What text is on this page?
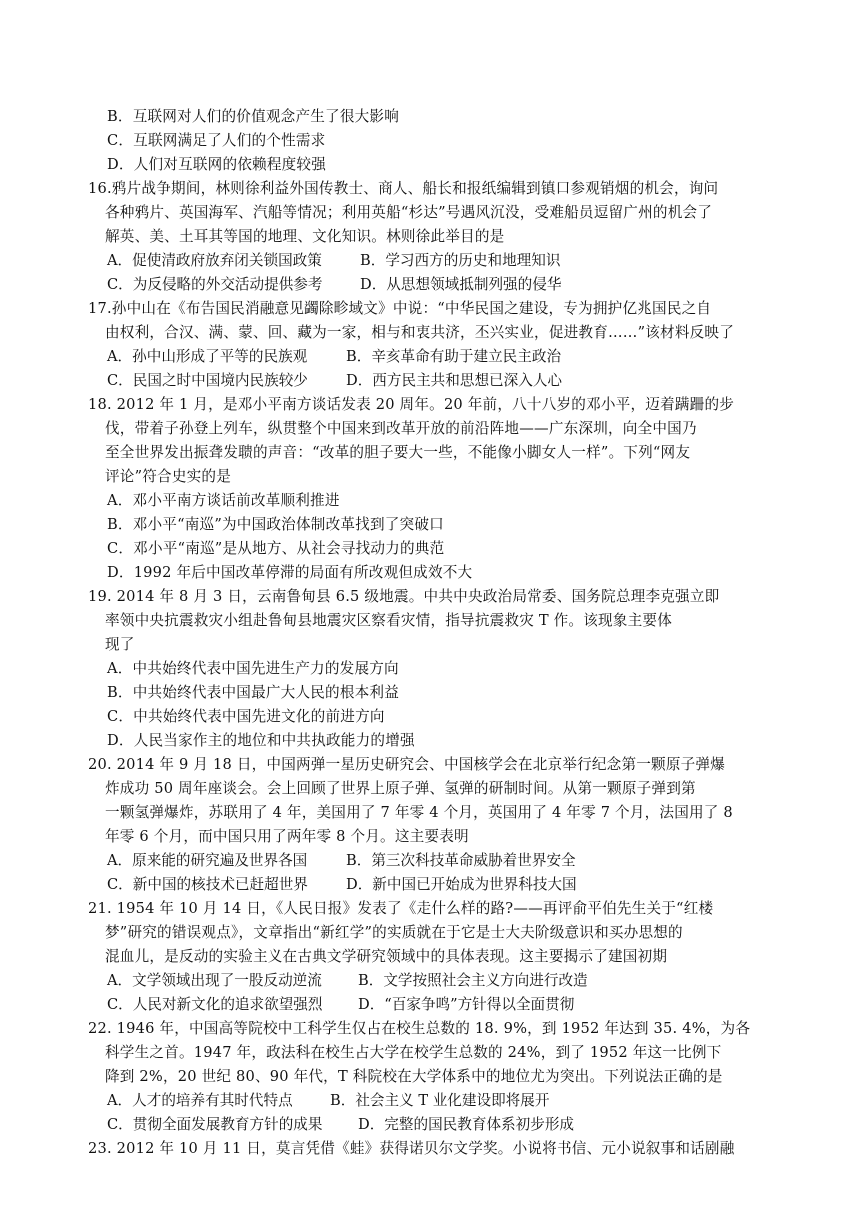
B．互联网对人们的价值观念产生了很大影响
C．互联网满足了人们的个性需求
D．人们对互联网的依赖程度较强
16.鸦片战争期间，林则徐利益外国传教士、商人、船长和报纸编辑到镇口参观销烟的机会，询问
各种鸦片、英国海军、汽船等情况；利用英船“杉达”号遇风沉没，受难船员逗留广州的机会了
解英、美、土耳其等国的地理、文化知识。林则徐此举目的是
A．促使清政府放弃闭关锁国政策	B．学习西方的历史和地理知识
C．为反侵略的外交活动提供参考	D．从思想领域抵制列强的侵华
17.孙中山在《布告国民消融意见蠲除畛域文》中说：“中华民国之建设，专为拥护亿兆国民之自
由权利，合汉、满、蒙、回、藏为一家，相与和衷共济，丕兴实业，促进教育……”该材料反映了
A．孙中山形成了平等的民族观	B．辛亥革命有助于建立民主政治
C．民国之时中国境内民族较少	D．西方民主共和思想已深入人心
18. 2012 年 1 月，是邓小平南方谈话发表 20 周年。20 年前，八十八岁的邓小平，迈着蹒跚的步
伐，带着子孙登上列车，纵贯整个中国来到改革开放的前沿阵地——广东深圳，向全中国乃
至全世界发出振聋发聩的声音：“改革的胆子要大一些，不能像小脚女人一样”。下列“网友
评论”符合史实的是
A．邓小平南方谈话前改革顺利推进
B．邓小平“南巡”为中国政治体制改革找到了突破口
C．邓小平“南巡”是从地方、从社会寻找动力的典范
D．1992 年后中国改革停滞的局面有所改观但成效不大
19. 2014 年 8 月 3 日，云南鲁甸县 6.5 级地震。中共中央政治局常委、国务院总理李克强立即
率领中央抗震救灾小组赴鲁甸县地震灾区察看灾情，指导抗震救灾 T 作。该现象主要体
现了
A．中共始终代表中国先进生产力的发展方向
B．中共始终代表中国最广大人民的根本利益
C．中共始终代表中国先进文化的前进方向
D．人民当家作主的地位和中共执政能力的增强
20. 2014 年 9 月 18 日，中国两弹一星历史研究会、中国核学会在北京举行纪念第一颗原子弹爆
炸成功 50 周年座谈会。会上回顾了世界上原子弹、氢弹的研制时间。从第一颗原子弹到第
一颗氢弹爆炸，苏联用了 4 年，美国用了 7 年零 4 个月，英国用了 4 年零 7 个月，法国用了 8
年零 6 个月，而中国只用了两年零 8 个月。这主要表明
A．原来能的研究遍及世界各国	B．第三次科技革命威胁着世界安全
C．新中国的核技术已赶超世界	D．新中国已开始成为世界科技大国
21. 1954 年 10 月 14 日，《人民日报》发表了《走什么样的路?——再评俞平伯先生关于“红楼
梦”研究的错误观点》，文章指出“新红学”的实质就在于它是士大夫阶级意识和买办思想的
混血儿，是反动的实验主义在古典文学研究领域中的具体表现。这主要揭示了建国初期
A．文学领域出现了一股反动逆流 B．文学按照社会主义方向进行改造
C．人民对新文化的追求欲望强烈 D．“百家争鸣”方针得以全面贯彻
22. 1946 年，中国高等院校中工科学生仅占在校生总数的 18. 9%，到 1952 年达到 35. 4%，为各
科学生之首。1947 年，政法科在校生占大学在校学生总数的 24%，到了 1952 年这一比例下
降到 2%，20 世纪 80、90 年代，T 科院校在大学体系中的地位尤为突出。下列说法正确的是
A．人才的培养有其时代特点	B．社会主义 T 业化建设即将展开
C．贯彻全面发展教育方针的成果 D．完整的国民教育体系初步形成
23. 2012 年 10 月 11 日，莫言凭借《蛙》获得诺贝尔文学奖。小说将书信、元小说叙事和话剧融
